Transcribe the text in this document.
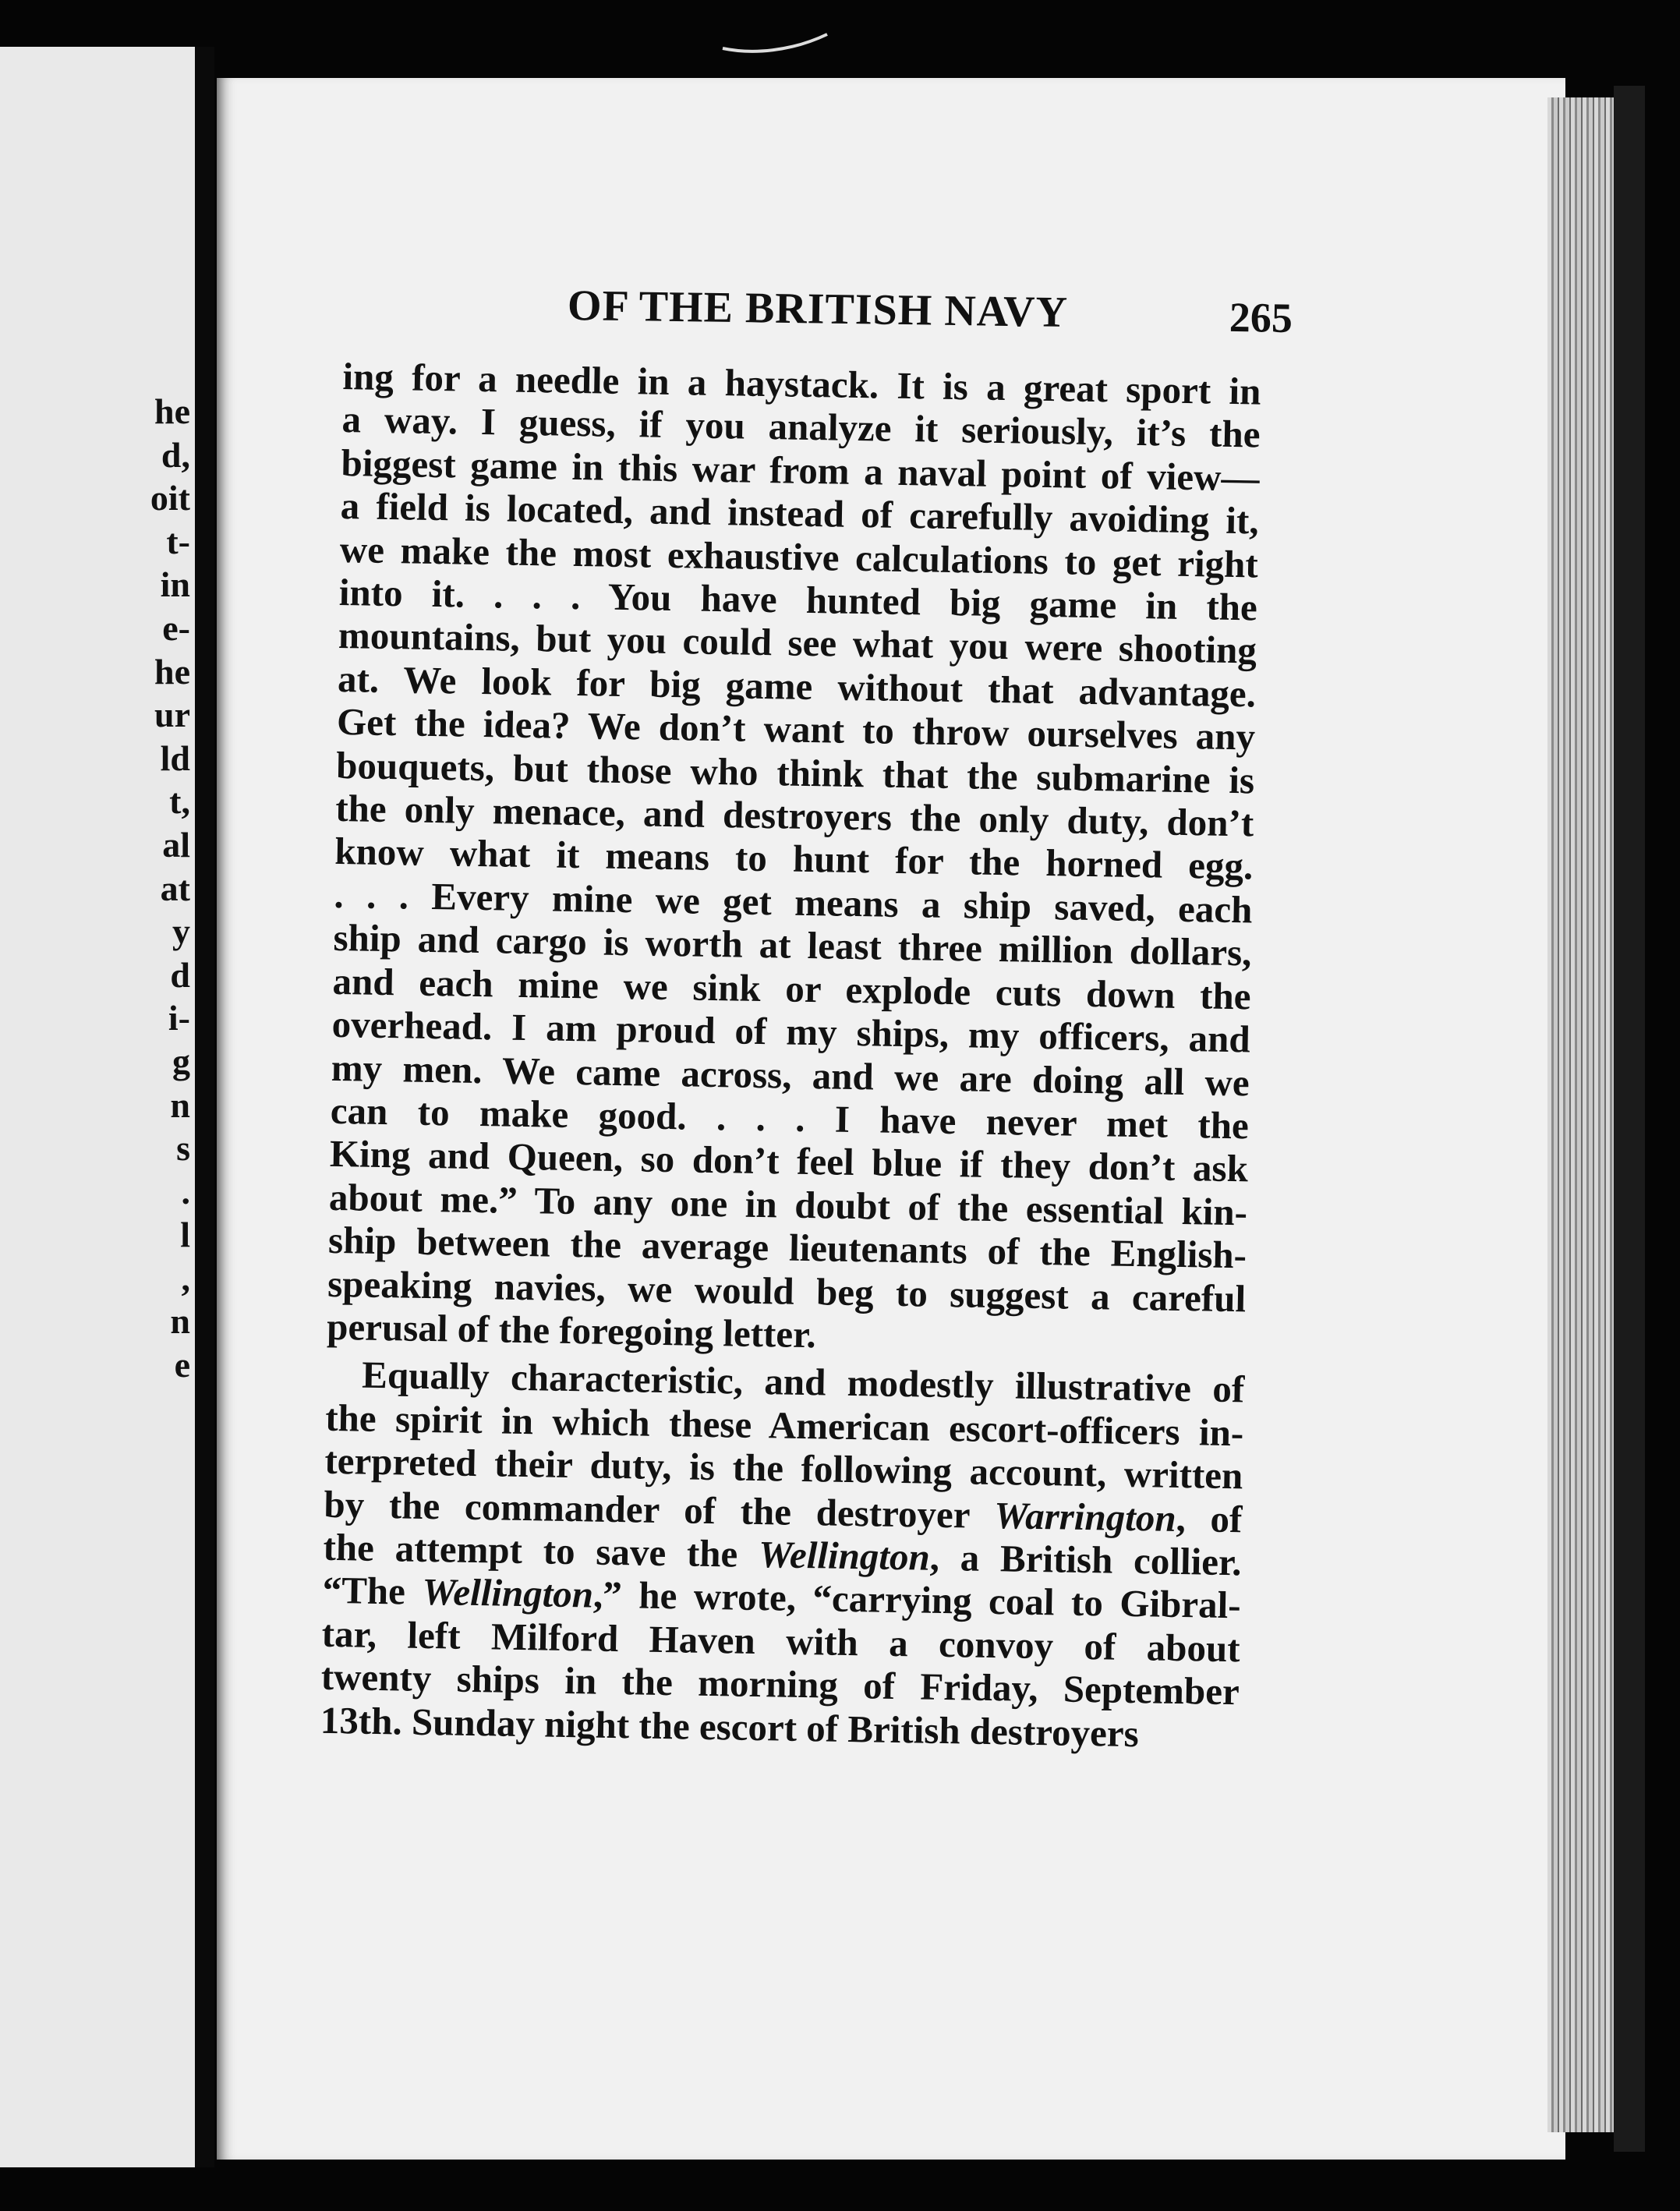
he
d,
oit
t-
in
e-
he
ur
ld
t,
al
at
y
d
i-
g
n
s
.
l
,
n
e

OF THE BRITISH NAVY	265
ing for a needle in a haystack. It is a great sport in
a way. I guess, if you analyze it seriously, it’s the
biggest game in this war from a naval point of view—
a field is located, and instead of carefully avoiding it,
we make the most exhaustive calculations to get right
into it. . . . You have hunted big game in the
mountains, but you could see what you were shooting
at. We look for big game without that advantage.
Get the idea? We don’t want to throw ourselves any
bouquets, but those who think that the submarine is
the only menace, and destroyers the only duty, don’t
know what it means to hunt for the horned egg.
. . . Every mine we get means a ship saved, each
ship and cargo is worth at least three million dollars,
and each mine we sink or explode cuts down the
overhead. I am proud of my ships, my officers, and
my men. We came across, and we are doing all we
can to make good. . . . I have never met the
King and Queen, so don’t feel blue if they don’t ask
about me.” To any one in doubt of the essential kin-
ship between the average lieutenants of the English-
speaking navies, we would beg to suggest a careful
perusal of the foregoing letter.
Equally characteristic, and modestly illustrative of
the spirit in which these American escort-officers in-
terpreted their duty, is the following account, written
by the commander of the destroyer Warrington, of
the attempt to save the Wellington, a British collier.
“The Wellington,” he wrote, “carrying coal to Gibral-
tar, left Milford Haven with a convoy of about
twenty ships in the morning of Friday, September
13th. Sunday night the escort of British destroyers
